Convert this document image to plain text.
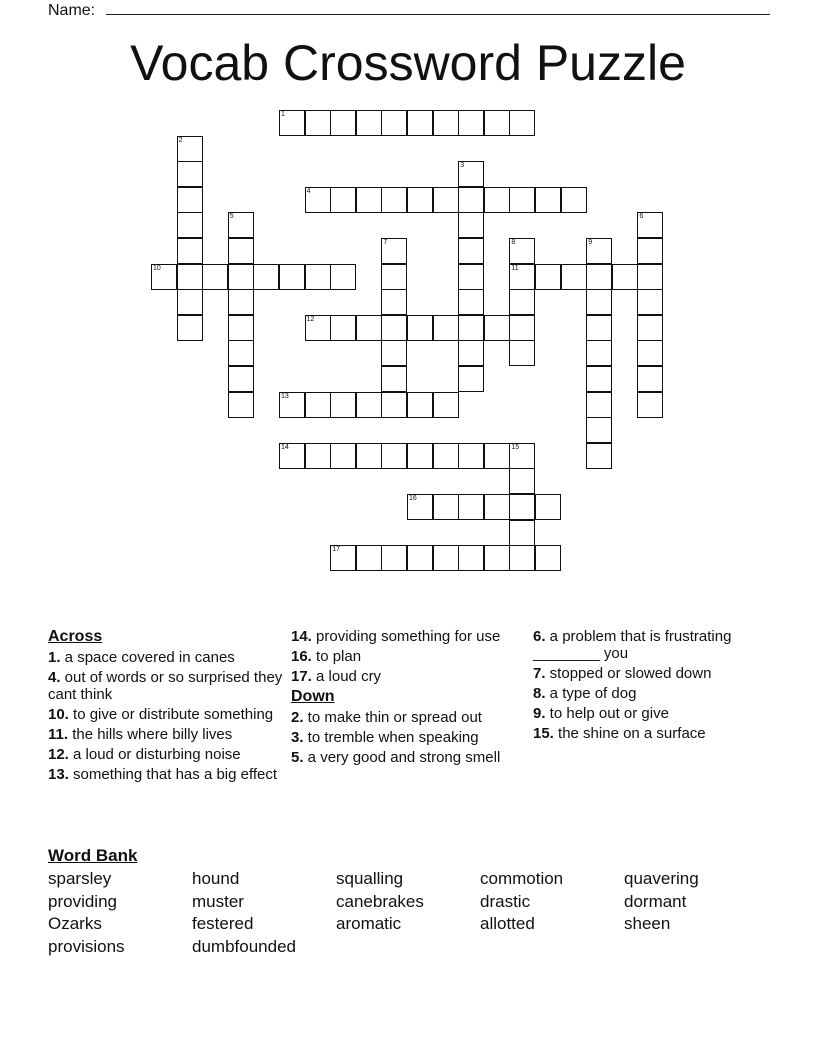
Name:
Vocab Crossword Puzzle
1
2
3
4
5	6
7	8
11
9
10
12
13
14	15
16
17
Across
1. a space covered in canes
4. out of words or so surprised they cant think
10. to give or distribute something
11. the hills where billy lives
12. a loud or disturbing noise
13. something that has a big effect
14. providing something for use
16. to plan
17. a loud cry
Down
2. to make thin or spread out
3. to tremble when speaking
5. a very good and strong smell
6. a problem that is frustrating ________ you
7. stopped or slowed down
8. a type of dog
9. to help out or give
15. the shine on a surface
Word Bank
sparsley	hound	squalling	commotion	quavering
providing	muster	canebrakes	drastic	dormant
Ozarks	festered	aromatic	allotted	sheen
provisions	dumbfounded
